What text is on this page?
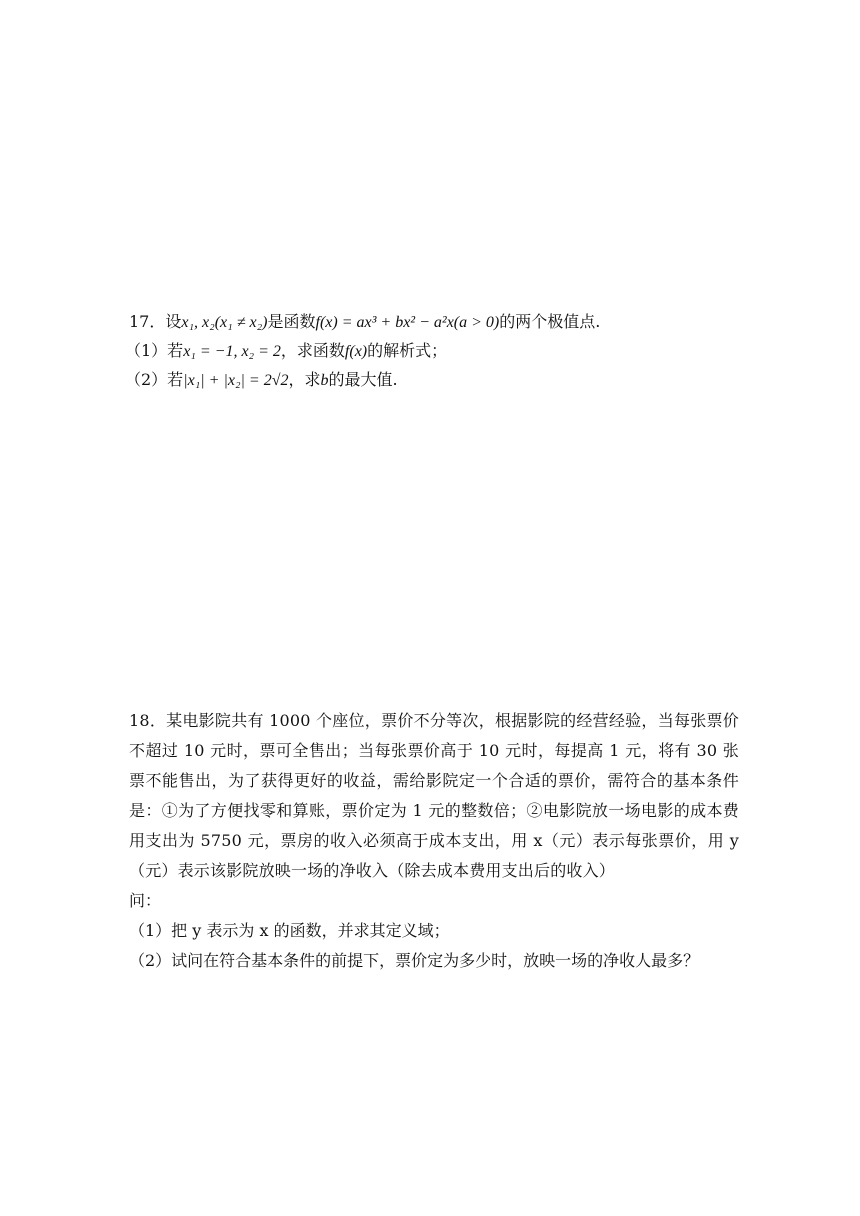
17．设x₁, x₂(x₁ ≠ x₂)是函数f(x) = ax³ + bx² − a²x(a > 0)的两个极值点.
（1）若x₁ = −1, x₂ = 2，求函数f(x)的解析式；
（2）若|x₁| + |x₂| = 2√2，求b的最大值.
18．某电影院共有 1000 个座位，票价不分等次，根据影院的经营经验，当每张票价不超过 10 元时，票可全售出；当每张票价高于 10 元时，每提高 1 元，将有 30 张票不能售出，为了获得更好的收益，需给影院定一个合适的票价，需符合的基本条件是：①为了方便找零和算账，票价定为 1 元的整数倍；②电影院放一场电影的成本费用支出为 5750 元，票房的收入必须高于成本支出，用 x（元）表示每张票价，用 y（元）表示该影院放映一场的净收入（除去成本费用支出后的收入）
问：
（1）把 y 表示为 x 的函数，并求其定义域；
（2）试问在符合基本条件的前提下，票价定为多少时，放映一场的净收人最多？
